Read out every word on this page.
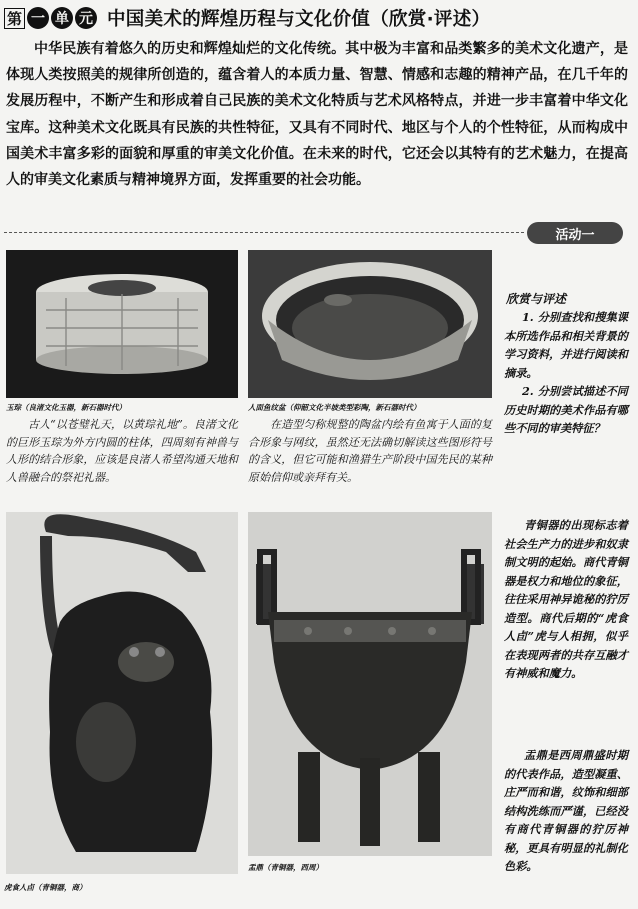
第 一 单 元 中国美术的辉煌历程与文化价值（欣赏·评述）

中华民族有着悠久的历史和辉煌灿烂的文化传统。其中极为丰富和品类繁多的美术文化遗产，是体现人类按照美的规律所创造的，蕴含着人的本质力量、智慧、情感和志趣的精神产品，在几千年的发展历程中，不断产生和形成着自己民族的美术文化特质与艺术风格特点，并进一步丰富着中华文化宝库。这种美术文化既具有民族的共性特征，又具有不同时代、地区与个人的个性特征，从而构成中国美术丰富多彩的面貌和厚重的审美文化价值。在未来的时代，它还会以其特有的艺术魅力，在提高人的审美文化素质与精神境界方面，发挥重要的社会功能。

活动一
玉琮（良渚文化玉器，新石器时代）

古人“以苍璧礼天，以黄琮礼地”。良渚文化的巨形玉琮为外方内圆的柱体，四周刻有神兽与人形的结合形象，应该是良渚人希望沟通天地和人兽融合的祭祀礼器。

人面鱼纹盆（仰韶文化半坡类型彩陶，新石器时代）

在造型匀称规整的陶盆内绘有鱼寓于人面的复合形象与网纹，虽然还无法确切解读这些图形符号的含义，但它可能和渔猎生产阶段中国先民的某种原始信仰或亲拜有关。

虎食人卣（青铜器，商）
盂鼎（青铜器，西周）
欣赏与评述

1. 分别查找和搜集课本所选作品和相关背景的学习资料，并进行阅读和摘录。

2. 分别尝试描述不同历史时期的美术作品有哪些不同的审美特征？

青铜器的出现标志着社会生产力的进步和奴隶制文明的起始。商代青铜器是权力和地位的象征，往往采用神异诡秘的狞厉造型。商代后期的“虎食人卣”虎与人相拥，似乎在表现两者的共存互融才有神威和魔力。

盂鼎是西周鼎盛时期的代表作品，造型凝重、庄严而和谐，纹饰和细部结构洗练而严谨，已经没有商代青铜器的狞厉神秘，更具有明显的礼制化色彩。
